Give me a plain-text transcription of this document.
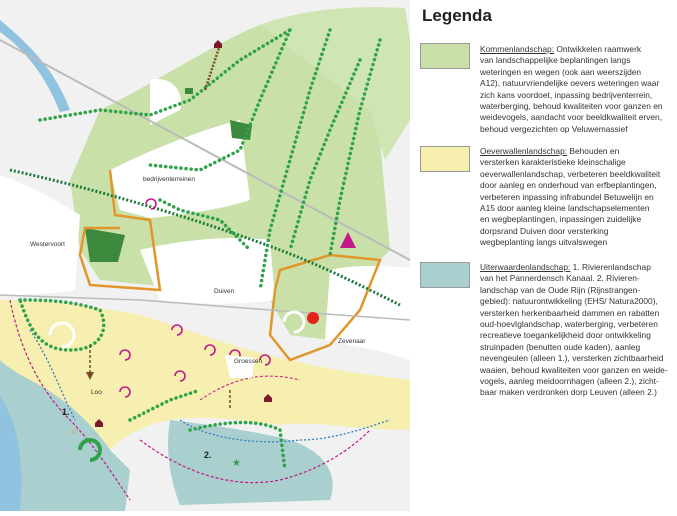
☆
★
bedrijventerreinen
Westervoort
Duiven
Zevenaar
Loo
Groessen
1.
2.
Legenda
Kommenlandschap: Ontwikkelen raamwerk

van landschappelijke beplantingen langs

weteringen en wegen (ook aan weerszijden

A12), natuurvriendelijke oevers weteringen waar

zich kans voordoet, inpassing bedrijventerrein,

waterberging, behoud kwaliteiten voor ganzen en

weidevogels, aandacht voor beeldkwaliteit erven,

behoud vergezichten op Veluwemassief

Oeverwallenlandschap: Behouden en

versterken karakteristieke kleinschalige

oeverwallenlandschap, verbeteren beeldkwaliteit

door aanleg en onderhoud van erfbeplantingen,

verbeteren inpassing infrabundel Betuwelijn en

A15 door aanleg kleine landschapselementen

en wegbeplantingen, inpassingen zuidelijke

dorpsrand Duiven door versterking

wegbeplanting langs uitvalswegen

Uiterwaardenlandschap: 1. Rivierenlandschap

van het Pannerdensch Kanaal. 2. Rivieren-

landschap van de Oude Rijn (Rijnstrangen-

gebied): natuurontwikkeling (EHS/ Natura2000),

versterken herkenbaarheid dammen en rabatten

oud-hoevIglandschap, waterberging, verbeteren

recreatieve toegankelijkheid door ontwikkeling

struinpaden (benutten oude kaden), aanleg

nevengeulen (alleen 1.), versterken zichtbaarheid

waaien, behoud kwaliteiten voor ganzen en weide-

vogels, aanleg meidoornhagen (alleen 2.), zicht-

baar maken verdronken dorp Leuven (alleen 2.)
